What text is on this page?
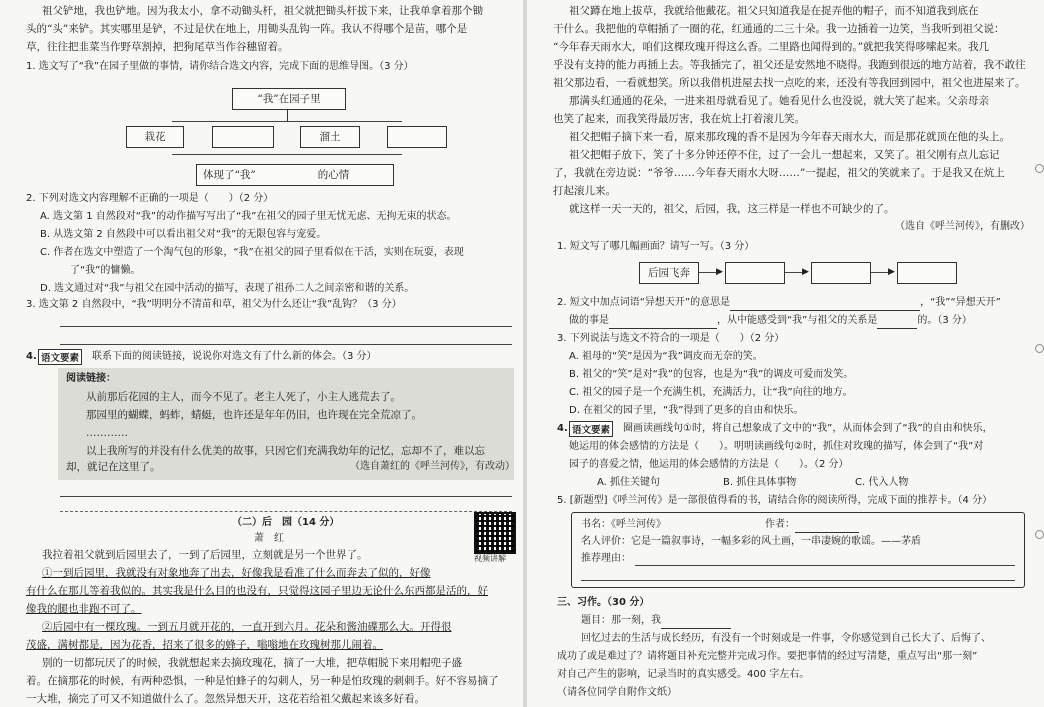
祖父铲地，我也铲地。因为我太小，拿不动锄头杆，祖父就把锄头杆拔下来，让我单拿着那个锄
头的“头”来铲。其实哪里是铲，不过是伏在地上，用锄头乱钩一阵。我认不得哪个是苗，哪个是
草，往往把韭菜当作野草割掉，把狗尾草当作谷穗留着。
1. 选文写了“我”在园子里做的事情，请你结合选文内容，完成下面的思维导图。（3 分）
“我”在园子里
栽花	溜土
体现了“我”	的心情
2. 下列对选文内容理解不正确的一项是（　　）（2 分）
A. 选文第 1 自然段对“我”的动作描写写出了“我”在祖父的园子里无忧无虑、无拘无束的状态。
B. 从选文第 2 自然段中可以看出祖父对“我”的无限包容与宠爱。
C. 作者在选文中塑造了一个淘气包的形象，“我”在祖父的园子里看似在干活，实则在玩耍，表现
了“我”的慵懒。
D. 选文通过对“我”与祖父在园中活动的描写，表现了祖孙二人之间亲密和谐的关系。
3. 选文第 2 自然段中，“我”明明分不清苗和草，祖父为什么还让“我”乱钩？（3 分）
4. 语文要素	联系下面的阅读链接，说说你对选文有了什么新的体会。（3 分）
阅读链接：
从前那后花园的主人，而今不见了。老主人死了，小主人逃荒去了。
那园里的蝴蝶，蚂蚱，蜻蜓，也许还是年年仍旧，也许现在完全荒凉了。
…………
以上我所写的并没有什么优美的故事，只因它们充满我幼年的记忆，忘却不了，难以忘
却，就记在这里了。	（选自萧红的《呼兰河传》，有改动）
（二）后　园（14 分）
萧　红
视频讲解
我拉着祖父就到后园里去了，一到了后园里，立刻就是另一个世界了。
①一到后园里，我就没有对象地奔了出去，好像我是看准了什么而奔去了似的，好像
有什么在那儿等着我似的。其实我是什么目的也没有，只觉得这园子里边无论什么东西都是活的，好
像我的腿也非跑不可了。
②后园中有一棵玫瑰。一到五月就开花的，一直开到六月。花朵和酱油碟那么大。开得很
茂盛，满树都是，因为花香，招来了很多的蜂子，嗡嗡地在玫瑰树那儿闹着。
别的一切都玩厌了的时候，我就想起来去摘玫瑰花，摘了一大堆，把草帽脱下来用帽兜子盛
着。在摘那花的时候，有两种恐惧，一种是怕蜂子的勾刺人，另一种是怕玫瑰的刺刺手。好不容易摘了
一大堆，摘完了可又不知道做什么了。忽然异想天开，这花若给祖父戴起来该多好看。
祖父蹲在地上拔草，我就给他戴花。祖父只知道我是在捉弄他的帽子，而不知道我到底在
干什么。我把他的草帽插了一圈的花，红通通的二三十朵。我一边插着一边笑，当我听到祖父说：
“今年春天雨水大，咱们这棵玫瑰开得这么香。二里路也闻得到的。”就把我笑得哆嗦起来。我几
乎没有支持的能力再插上去。等我插完了，祖父还是安然地不晓得。我跑到很远的地方站着，我不敢往
祖父那边看，一看就想笑。所以我借机进屋去找一点吃的来，还没有等我回到园中，祖父也进屋来了。
那满头红通通的花朵，一进来祖母就看见了。她看见什么也没说，就大笑了起来。父亲母亲
也笑了起来，而我笑得最厉害，我在炕上打着滚儿笑。
祖父把帽子摘下来一看，原来那玫瑰的香不是因为今年春天雨水大，而是那花就顶在他的头上。
祖父把帽子放下，笑了十多分钟还停不住，过了一会儿一想起来，又笑了。祖父刚有点儿忘记
了，我就在旁边说：“爷爷……今年春天雨水大呀……”一提起，祖父的笑就来了。于是我又在炕上
打起滚儿来。
就这样一天一天的，祖父，后园，我，这三样是一样也不可缺少的了。
（选自《呼兰河传》，有删改）
1. 短文写了哪几幅画面？请写一写。（3 分）
后园飞奔	▶	▶	▶
2. 短文中加点词语“异想天开”的意思是	，“我”“异想天开”
做的事是	，从中能感受到“我”与祖父的关系是	的。（3 分）
3. 下列说法与选文不符合的一项是（　　）（2 分）
A. 祖母的“笑”是因为“我”调皮而无奈的笑。
B. 祖父的“笑”是对“我”的包容，也是为“我”的调皮可爱而发笑。
C. 祖父的园子是一个充满生机，充满活力，让“我”向往的地方。
D. 在祖父的园子里，“我”得到了更多的自由和快乐。
4. 语文要素	圈画读画线句①时，将自己想象成了文中的“我”，从而体会到了“我”的自由和快乐，
她运用的体会感情的方法是（　　）。明明读画线句②时，抓住对玫瑰的描写，体会到了“我”对
园子的喜爱之情，他运用的体会感情的方法是（　　）。（2 分）
A. 抓住关键句	B. 抓住具体事物	C. 代入人物
5. [新题型]《呼兰河传》是一部很值得看的书，请结合你的阅读所得，完成下面的推荐卡。（4 分）
书名：《呼兰河传》	作者：
名人评价：它是一篇叙事诗，一幅多彩的风土画，一串凄婉的歌谣。——茅盾
推荐理由：
三、习作。（30 分）
题目：那一刻，我
回忆过去的生活与成长经历，有没有一个时刻或是一件事，令你感觉到自己长大了、后悔了、
成功了或是难过了？请将题目补充完整并完成习作。要把事情的经过写清楚，重点写出“那一刻”
对自己产生的影响，记录当时的真实感受。400 字左右。
（请各位同学自附作文纸）
